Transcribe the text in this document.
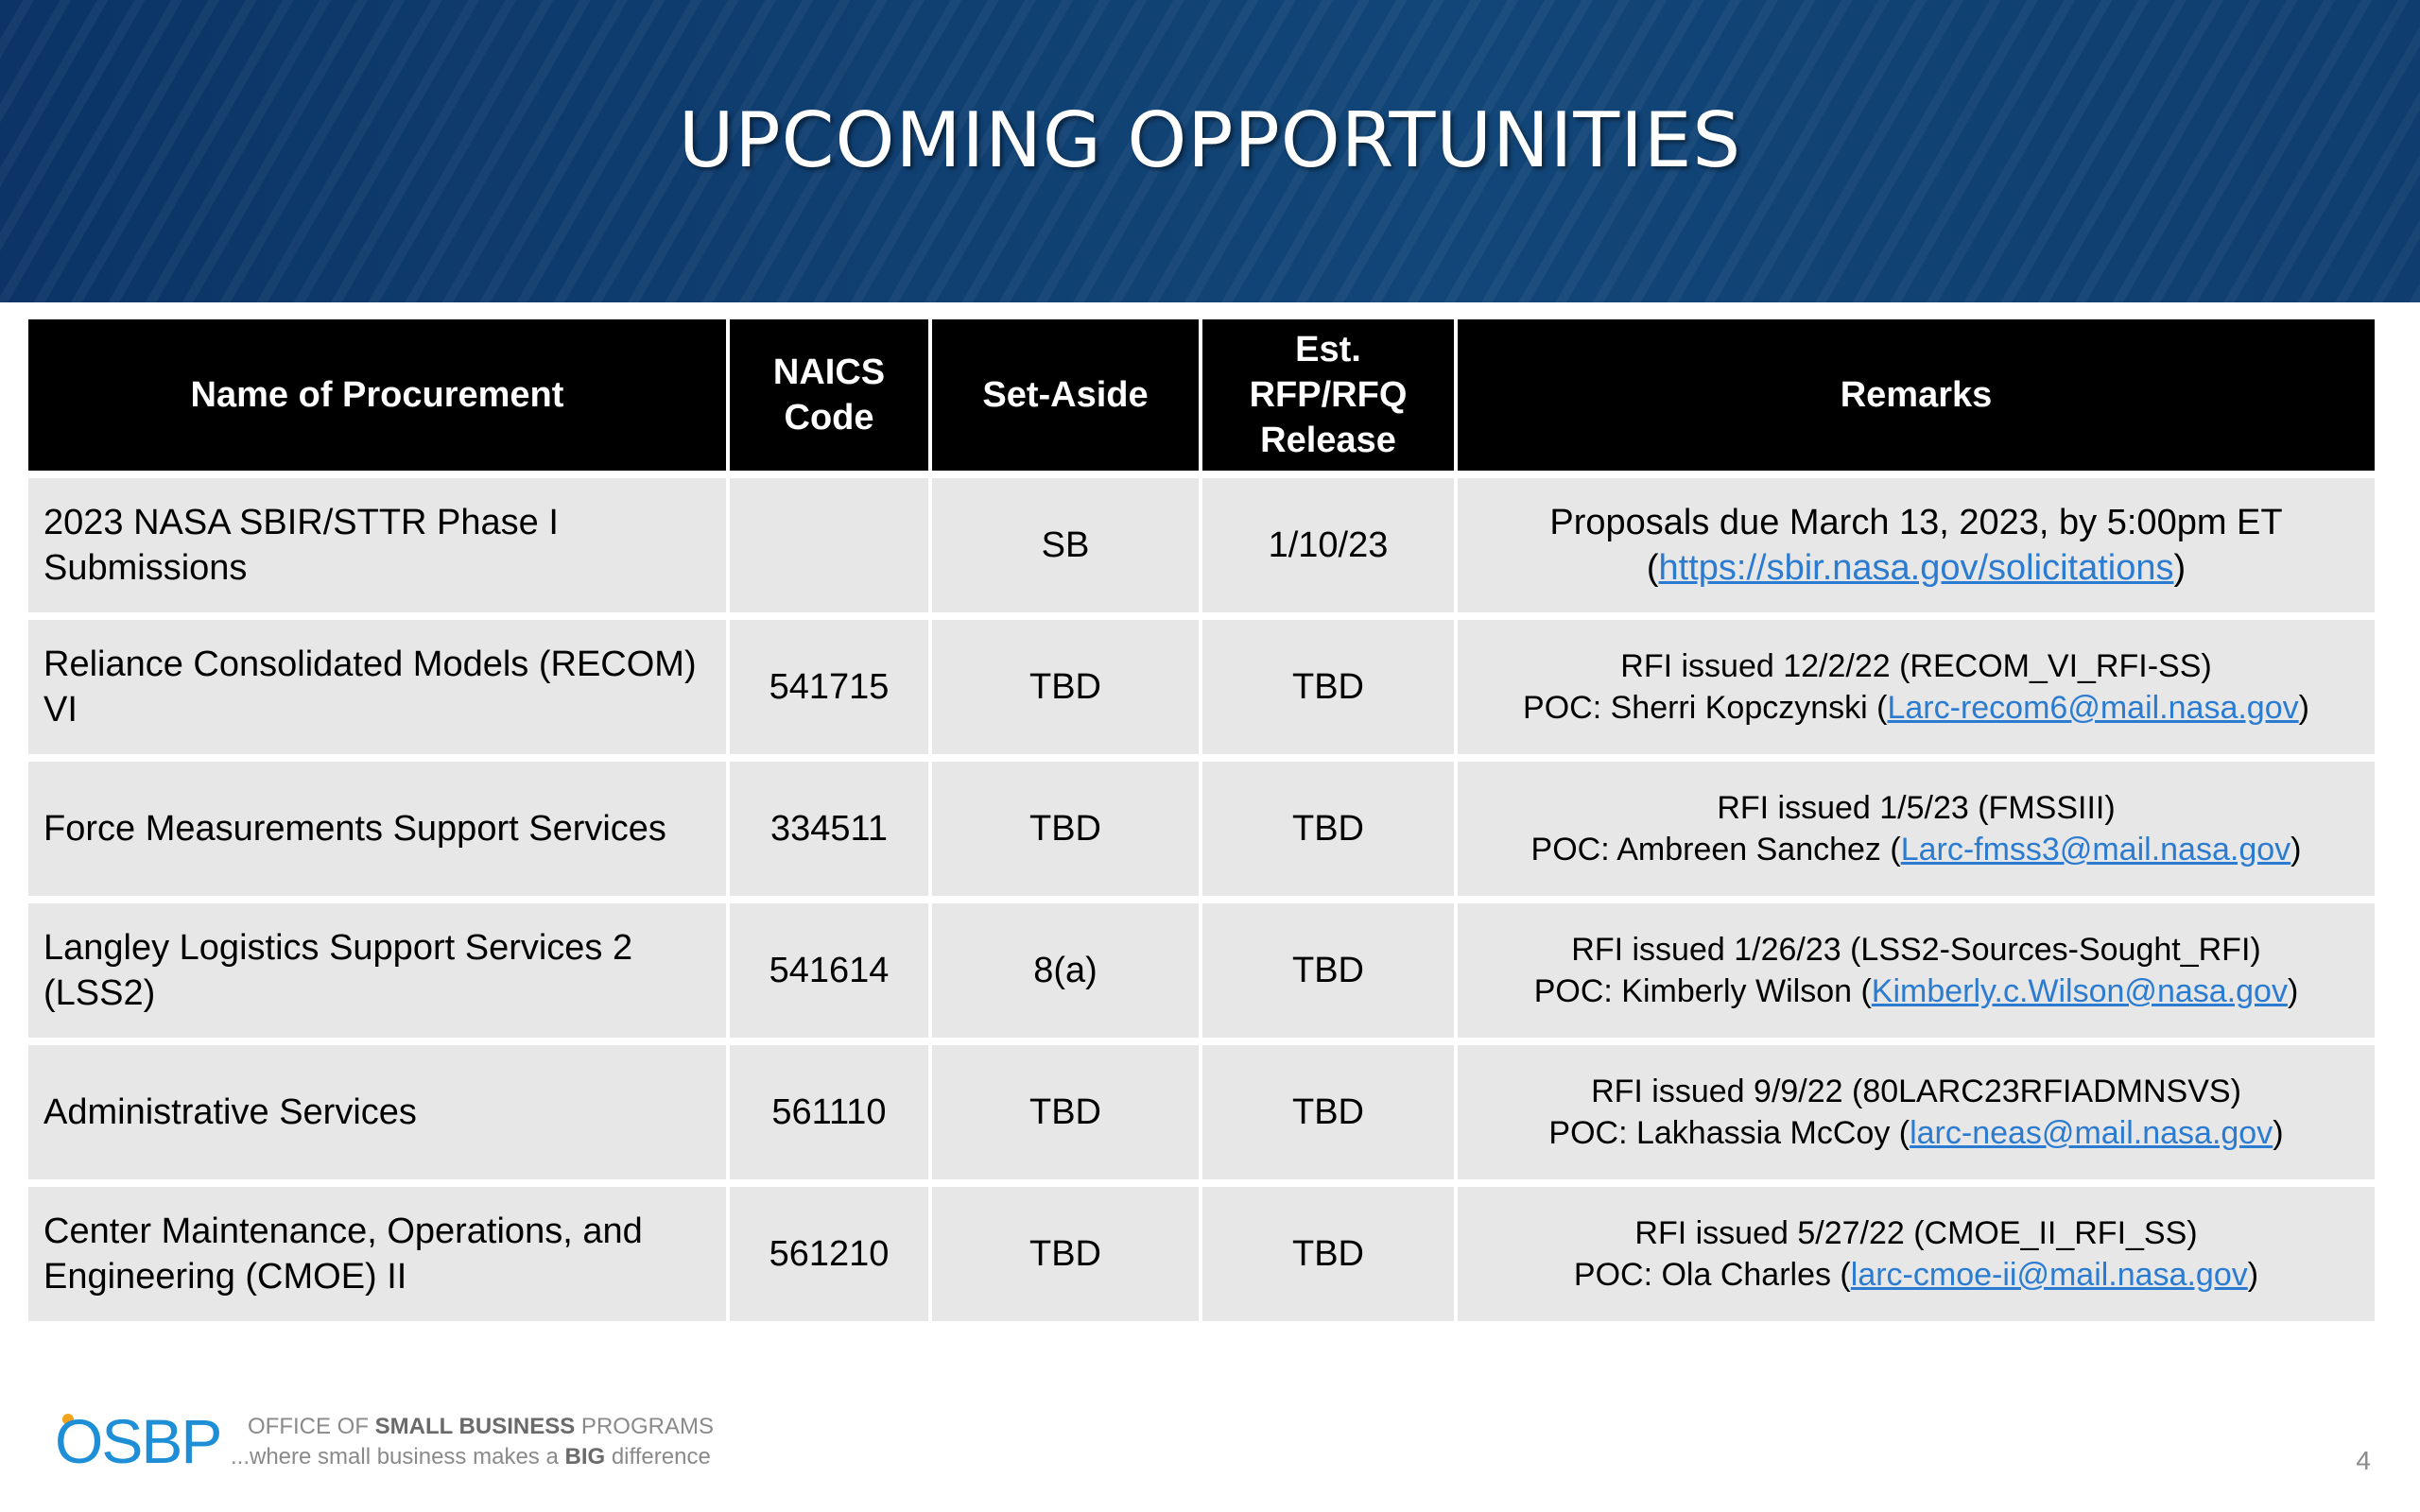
UPCOMING OPPORTUNITIES
Name of Procurement	NAICS Code	Set-Aside	Est. RFP/RFQ Release	Remarks
2023 NASA SBIR/STTR Phase I Submissions		SB	1/10/23	Proposals due March 13, 2023, by 5:00pm ET
(https://sbir.nasa.gov/solicitations)
Reliance Consolidated Models (RECOM) VI	541715	TBD	TBD	RFI issued 12/2/22 (RECOM_VI_RFI-SS)
POC: Sherri Kopczynski (Larc-recom6@mail.nasa.gov)
Force Measurements Support Services	334511	TBD	TBD	RFI issued 1/5/23 (FMSSIII)
POC: Ambreen Sanchez (Larc-fmss3@mail.nasa.gov)
Langley Logistics Support Services 2 (LSS2)	541614	8(a)	TBD	RFI issued 1/26/23 (LSS2-Sources-Sought_RFI)
POC: Kimberly Wilson (Kimberly.c.Wilson@nasa.gov)
Administrative Services	561110	TBD	TBD	RFI issued 9/9/22 (80LARC23RFIADMNSVS)
POC: Lakhassia McCoy (larc-neas@mail.nasa.gov)
Center Maintenance, Operations, and Engineering (CMOE) II	561210	TBD	TBD	RFI issued 5/27/22 (CMOE_II_RFI_SS)
POC: Ola Charles (larc-cmoe-ii@mail.nasa.gov)
OSBP OFFICE OF SMALL BUSINESS PROGRAMS
...where small business makes a BIG difference	4
